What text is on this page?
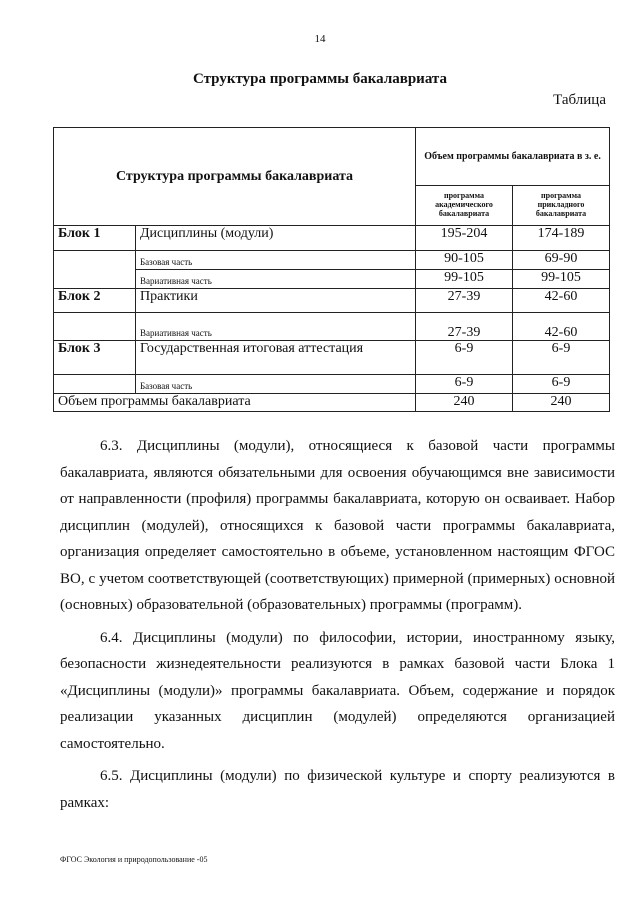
14
Структура программы бакалавриата
Таблица
Структура программы бакалавриата		Объем программы бакалавриата в з. е.	
		программа академического бакалавриата	программа прикладного бакалавриата
Блок 1	Дисциплины (модули)	195-204	174-189
	Базовая часть	90-105	69-90
	Вариативная часть	99-105	99-105
Блок 2	Практики	27-39	42-60
	Вариативная часть	27-39	42-60
Блок 3	Государственная итоговая аттестация	6-9	6-9
	Базовая часть	6-9	6-9
Объем программы бакалавриата		240	240

6.3. Дисциплины (модули), относящиеся к базовой части программы бакалавриата, являются обязательными для освоения обучающимся вне зависимости от направленности (профиля) программы бакалавриата, которую он осваивает. Набор дисциплин (модулей), относящихся к базовой части программы бакалавриата, организация определяет самостоятельно в объеме, установленном настоящим ФГОС ВО, с учетом соответствующей (соответствующих) примерной (примерных) основной (основных) образовательной (образовательных) программы (программ).

6.4. Дисциплины (модули) по философии, истории, иностранному языку, безопасности жизнедеятельности реализуются в рамках базовой части Блока 1 «Дисциплины (модули)» программы бакалавриата. Объем, содержание и порядок реализации указанных дисциплин (модулей) определяются организацией самостоятельно.

6.5. Дисциплины (модули) по физической культуре и спорту реализуются в рамках:

ФГОС Экология и природопользование -05
